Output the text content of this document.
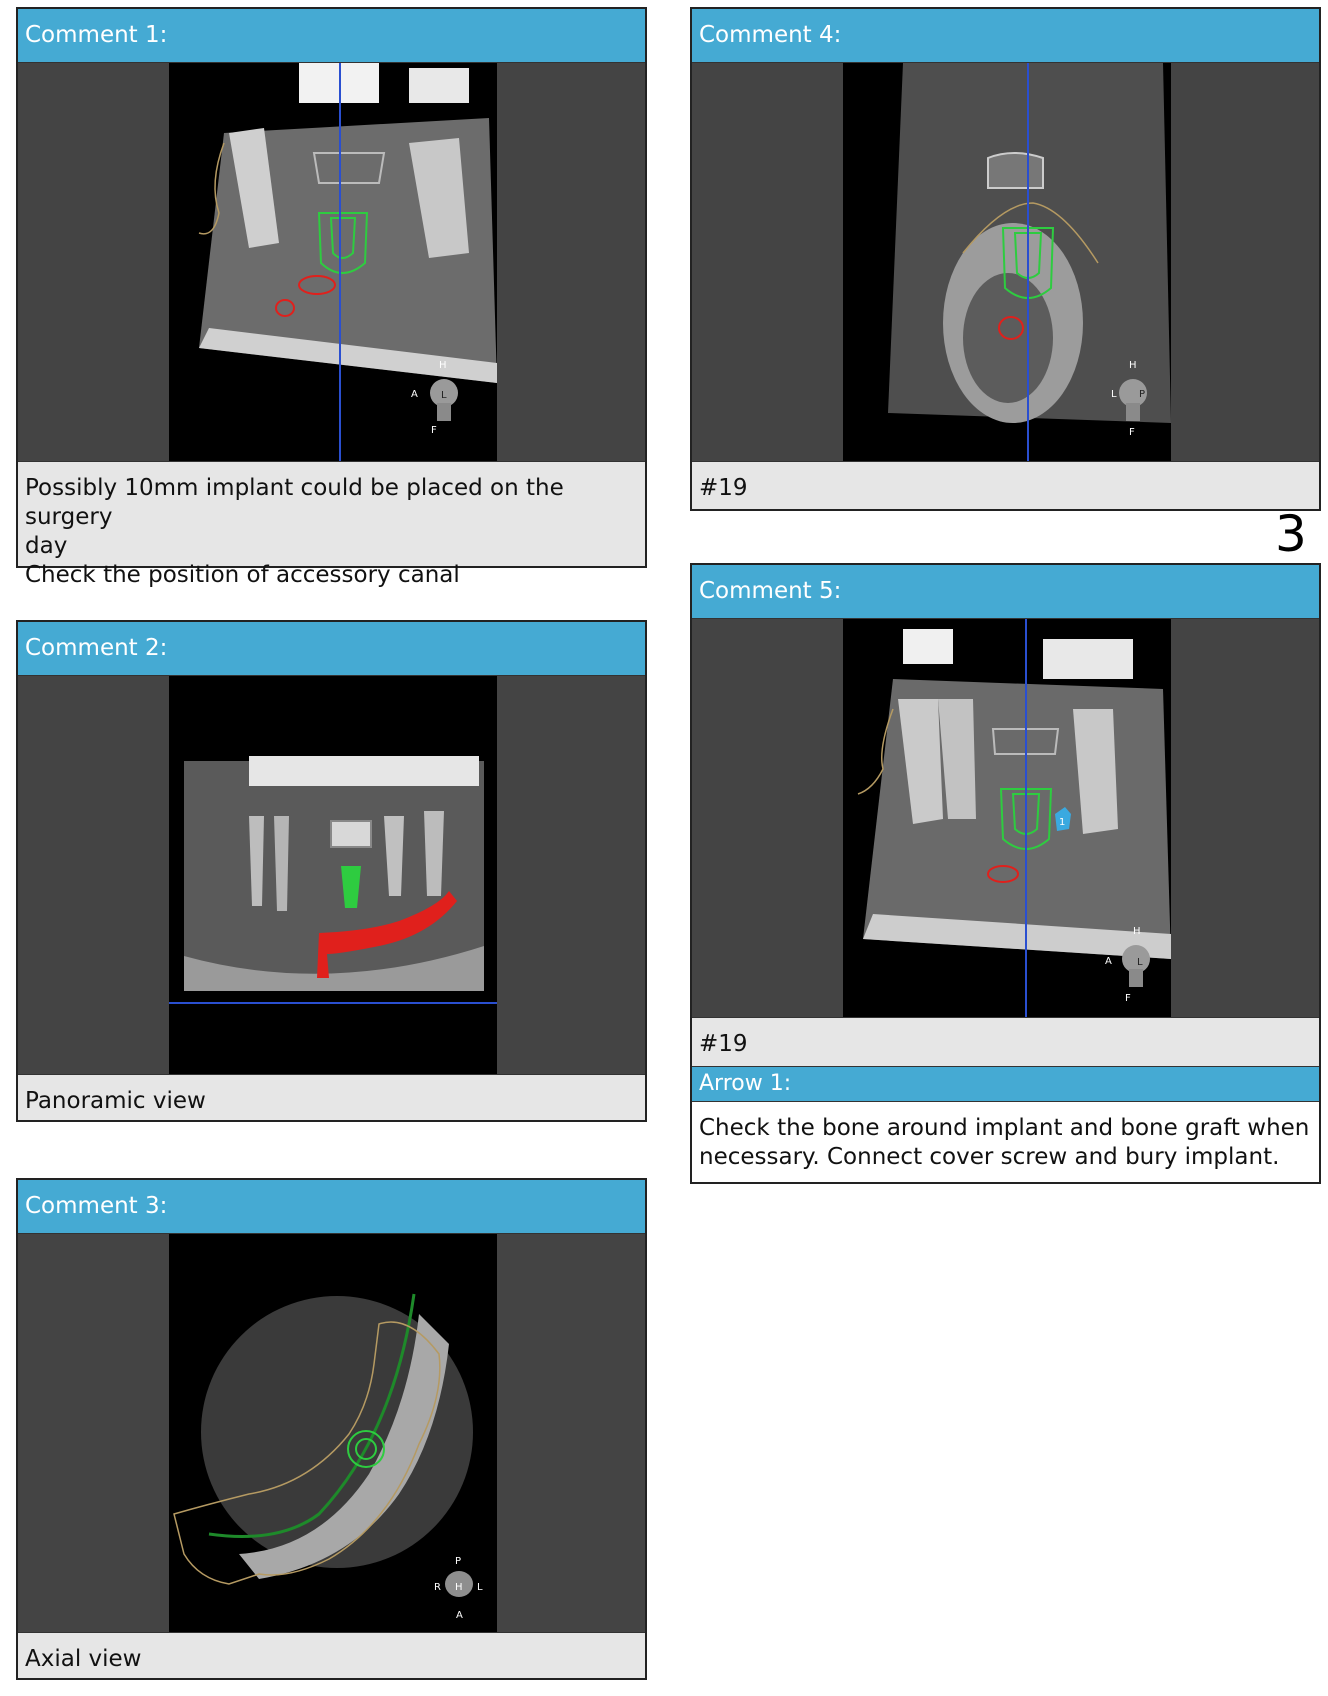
Comment 1:
H
A L
F
Possibly 10mm implant could be placed on the surgery
day
Check the position of accessory canal
Comment 2:
Panoramic view
Comment 3:
P
R H L
A
Axial view
Comment 4:
H
L P
F
#19
3
Comment 5:
1
H
A	L
F
#19
Arrow 1:
Check the bone around implant and bone graft when
necessary. Connect cover screw and bury implant.
